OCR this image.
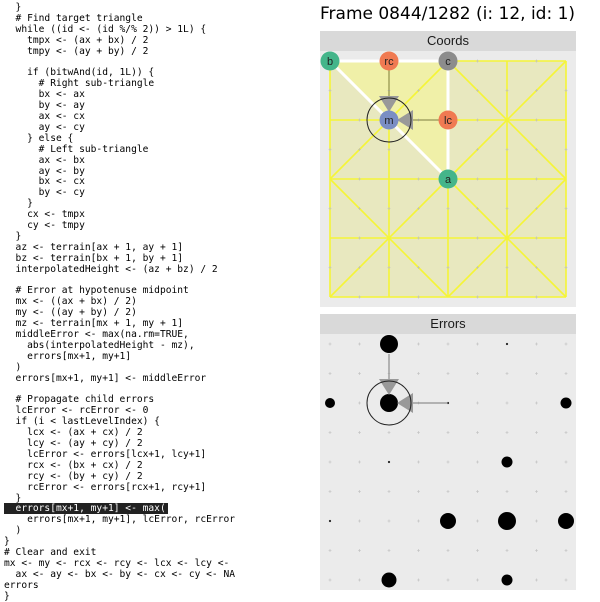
}
# Find target triangle
while ((id <- (id %/% 2)) > 1L) {
tmpx <- (ax + bx) / 2
tmpy <- (ay + by) / 2
if (bitwAnd(id, 1L)) {
# Right sub-triangle
bx <- ax
by <- ay
ax <- cx
ay <- cy
} else {
# Left sub-triangle
ax <- bx
ay <- by
bx <- cx
by <- cy
}
cx <- tmpx
cy <- tmpy
}
az <- terrain[ax + 1, ay + 1]
bz <- terrain[bx + 1, by + 1]
interpolatedHeight <- (az + bz) / 2
# Error at hypotenuse midpoint
mx <- ((ax + bx) / 2)
my <- ((ay + by) / 2)
mz <- terrain[mx + 1, my + 1]
middleError <- max(na.rm=TRUE,
abs(interpolatedHeight - mz),
errors[mx+1, my+1]
)
errors[mx+1, my+1] <- middleError
# Propagate child errors
lcError <- rcError <- 0
if (i < lastLevelIndex) {
lcx <- (ax + cx) / 2
lcy <- (ay + cy) / 2
lcError <- errors[lcx+1, lcy+1]
rcx <- (bx + cx) / 2
rcy <- (by + cy) / 2
rcError <- errors[rcx+1, rcy+1]
}
errors[mx+1, my+1] <- max(
errors[mx+1, my+1], lcError, rcError
)
}
# Clear and exit
mx <- my <- rcx <- rcy <- lcx <- lcy <-
ax <- ay <- bx <- by <- cx <- cy <- NA
errors
}
Frame 0844/1282 (i: 12, id: 1)
Coords
b	rc	c
m	lc
a
Errors
